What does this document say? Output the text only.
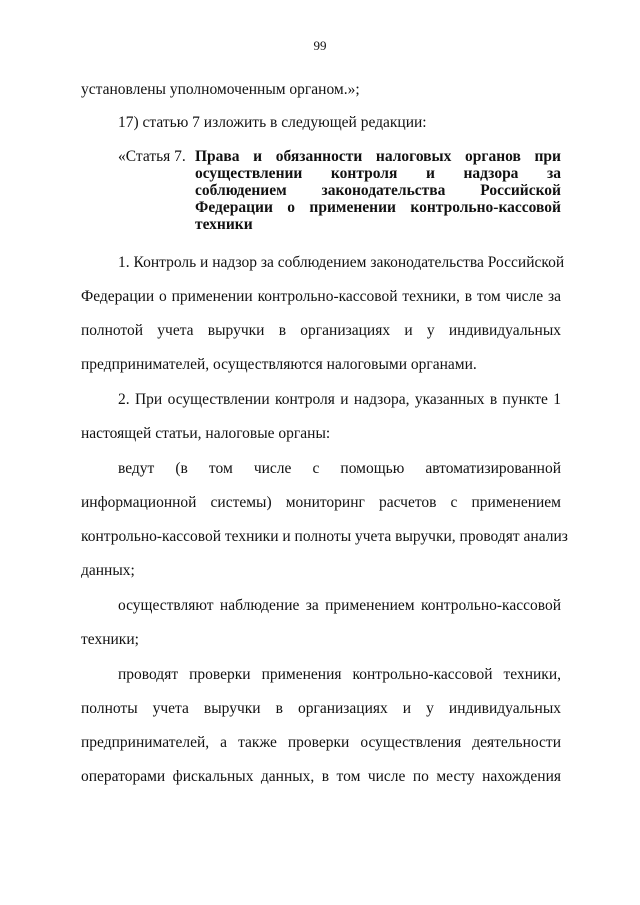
99
установлены уполномоченным органом.»;
17) статью 7 изложить в следующей редакции:
«Статья 7. Права и обязанности налоговых органов при
осуществлении контроля и надзора за
соблюдением законодательства Российской
Федерации о применении контрольно-кассовой
техники
1. Контроль и надзор за соблюдением законодательства Российской
Федерации о применении контрольно-кассовой техники, в том числе за
полнотой учета выручки в организациях и у индивидуальных
предпринимателей, осуществляются налоговыми органами.
2. При осуществлении контроля и надзора, указанных в пункте 1
настоящей статьи, налоговые органы:
ведут (в том числе с помощью автоматизированной
информационной системы) мониторинг расчетов с применением
контрольно-кассовой техники и полноты учета выручки, проводят анализ
данных;
осуществляют наблюдение за применением контрольно-кассовой
техники;
проводят проверки применения контрольно-кассовой техники,
полноты учета выручки в организациях и у индивидуальных
предпринимателей, а также проверки осуществления деятельности
операторами фискальных данных, в том числе по месту нахождения
